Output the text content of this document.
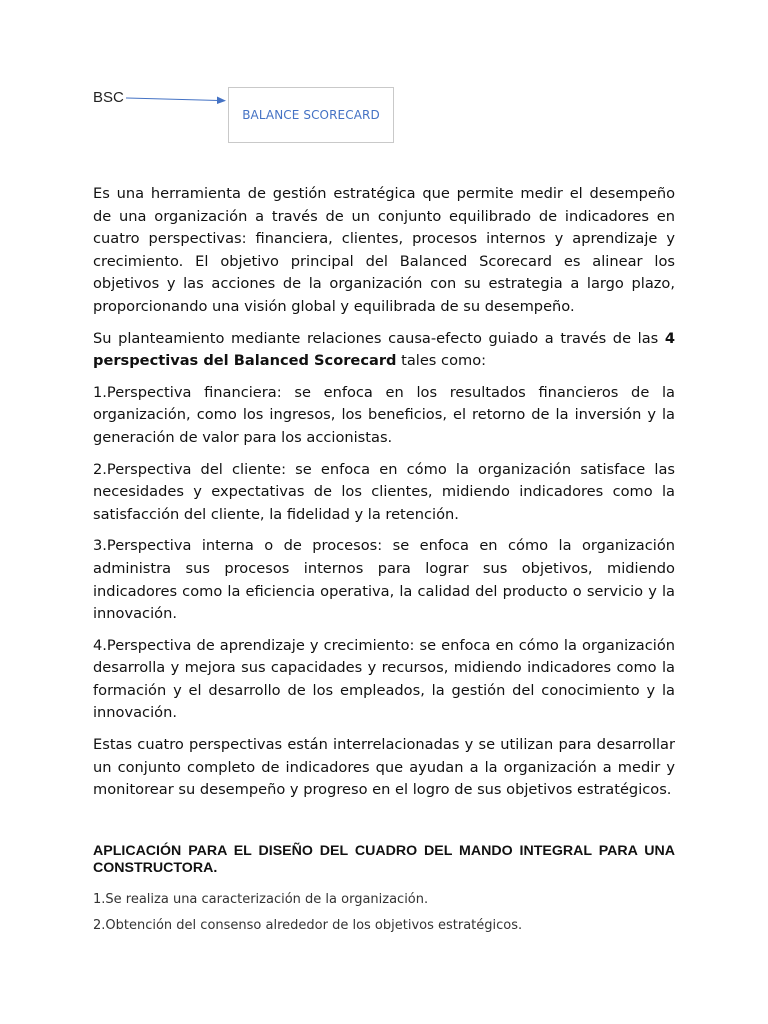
BSC
BALANCE SCORECARD

Es una herramienta de gestión estratégica que permite medir el desempeño de una organización a través de un conjunto equilibrado de indicadores en cuatro perspectivas: financiera, clientes, procesos internos y aprendizaje y crecimiento. El objetivo principal del Balanced Scorecard es alinear los objetivos y las acciones de la organización con su estrategia a largo plazo, proporcionando una visión global y equilibrada de su desempeño.

Su planteamiento mediante relaciones causa-efecto guiado a través de las 4 perspectivas del Balanced Scorecard tales como:

1.Perspectiva financiera: se enfoca en los resultados financieros de la organización, como los ingresos, los beneficios, el retorno de la inversión y la generación de valor para los accionistas.

2.Perspectiva del cliente: se enfoca en cómo la organización satisface las necesidades y expectativas de los clientes, midiendo indicadores como la satisfacción del cliente, la fidelidad y la retención.

3.Perspectiva interna o de procesos: se enfoca en cómo la organización administra sus procesos internos para lograr sus objetivos, midiendo indicadores como la eficiencia operativa, la calidad del producto o servicio y la innovación.

4.Perspectiva de aprendizaje y crecimiento: se enfoca en cómo la organización desarrolla y mejora sus capacidades y recursos, midiendo indicadores como la formación y el desarrollo de los empleados, la gestión del conocimiento y la innovación.

Estas cuatro perspectivas están interrelacionadas y se utilizan para desarrollar un conjunto completo de indicadores que ayudan a la organización a medir y monitorear su desempeño y progreso en el logro de sus objetivos estratégicos.

APLICACIÓN PARA EL DISEÑO DEL CUADRO DEL MANDO INTEGRAL PARA UNA CONSTRUCTORA.

1.Se realiza una caracterización de la organización.

2.Obtención del consenso alrededor de los objetivos estratégicos.
